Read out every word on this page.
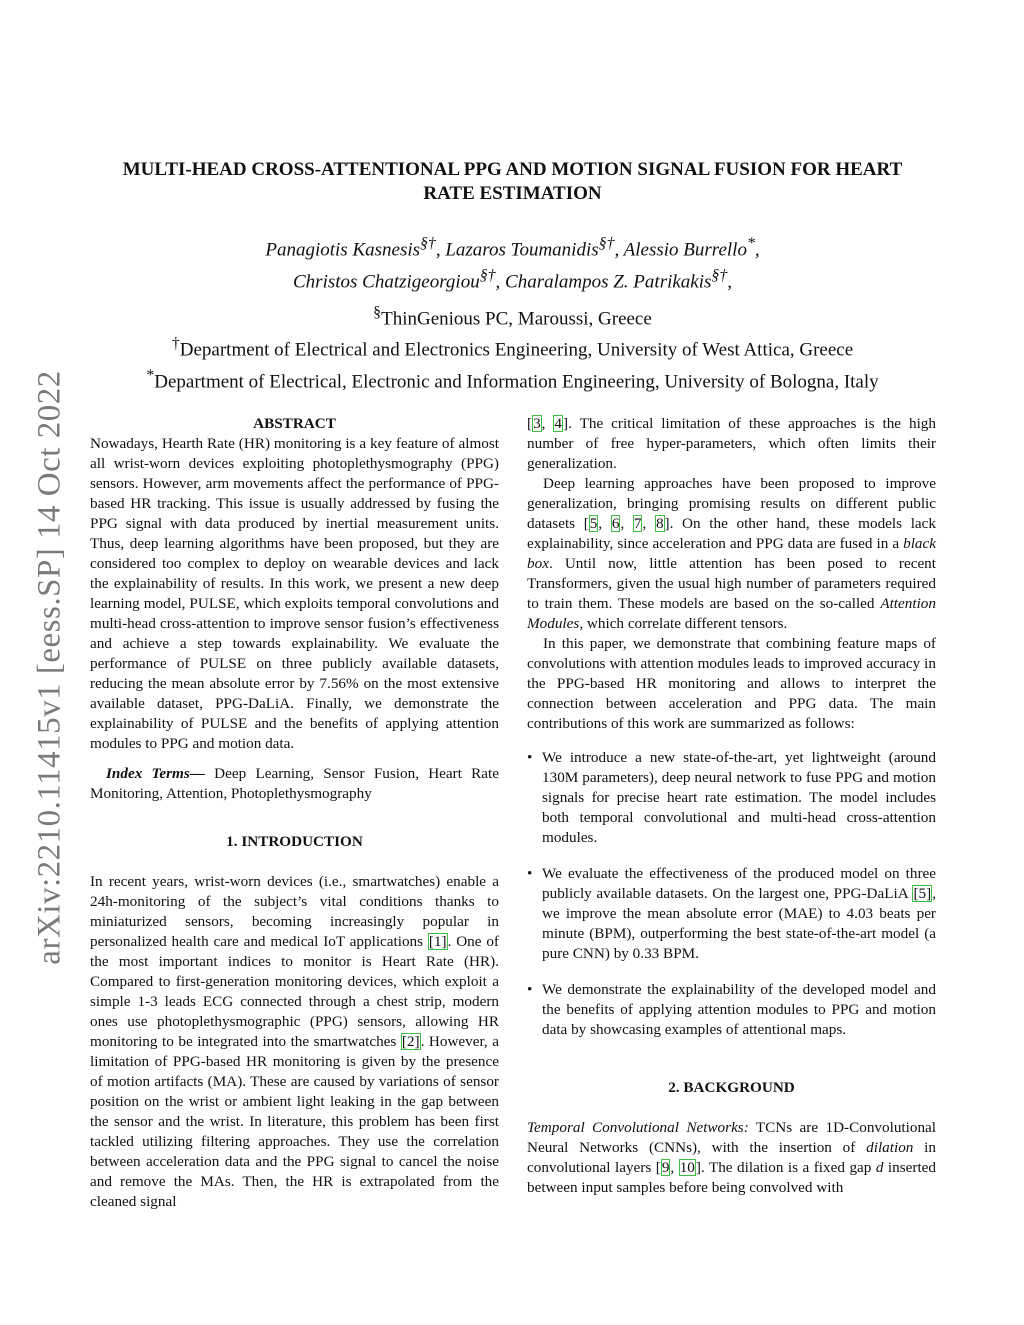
arXiv:2210.11415v1 [eess.SP] 14 Oct 2022
MULTI-HEAD CROSS-ATTENTIONAL PPG AND MOTION SIGNAL FUSION FOR HEART
RATE ESTIMATION
Panagiotis Kasnesis§†, Lazaros Toumanidis§†, Alessio Burrello*,
Christos Chatzigeorgiou§†, Charalampos Z. Patrikakis§†,
§ThinGenious PC, Maroussi, Greece
†Department of Electrical and Electronics Engineering, University of West Attica, Greece
*Department of Electrical, Electronic and Information Engineering, University of Bologna, Italy
ABSTRACT

Nowadays, Hearth Rate (HR) monitoring is a key feature of almost all wrist-worn devices exploiting photoplethysmography (PPG) sensors. However, arm movements affect the performance of PPG-based HR tracking. This issue is usually addressed by fusing the PPG signal with data produced by inertial measurement units. Thus, deep learning algorithms have been proposed, but they are considered too complex to deploy on wearable devices and lack the explainability of results. In this work, we present a new deep learning model, PULSE, which exploits temporal convolutions and multi-head cross-attention to improve sensor fusion’s effectiveness and achieve a step towards explainability. We evaluate the performance of PULSE on three publicly available datasets, reducing the mean absolute error by 7.56% on the most extensive available dataset, PPG-DaLiA. Finally, we demonstrate the explainability of PULSE and the benefits of applying attention modules to PPG and motion data.

Index Terms— Deep Learning, Sensor Fusion, Heart Rate Monitoring, Attention, Photoplethysmography

1. INTRODUCTION

In recent years, wrist-worn devices (i.e., smartwatches) enable a 24h-monitoring of the subject’s vital conditions thanks to miniaturized sensors, becoming increasingly popular in personalized health care and medical IoT applications [1]. One of the most important indices to monitor is Heart Rate (HR). Compared to first-generation monitoring devices, which exploit a simple 1-3 leads ECG connected through a chest strip, modern ones use photoplethysmographic (PPG) sensors, allowing HR monitoring to be integrated into the smartwatches [2]. However, a limitation of PPG-based HR monitoring is given by the presence of motion artifacts (MA). These are caused by variations of sensor position on the wrist or ambient light leaking in the gap between the sensor and the wrist. In literature, this problem has been first tackled utilizing filtering approaches. They use the correlation between acceleration data and the PPG signal to cancel the noise and remove the MAs. Then, the HR is extrapolated from the cleaned signal

[3, 4]. The critical limitation of these approaches is the high number of free hyper-parameters, which often limits their generalization.

Deep learning approaches have been proposed to improve generalization, bringing promising results on different public datasets [5, 6, 7, 8]. On the other hand, these models lack explainability, since acceleration and PPG data are fused in a black box. Until now, little attention has been posed to recent Transformers, given the usual high number of parameters required to train them. These models are based on the so-called Attention Modules, which correlate different tensors.

In this paper, we demonstrate that combining feature maps of convolutions with attention modules leads to improved accuracy in the PPG-based HR monitoring and allows to interpret the connection between acceleration and PPG data. The main contributions of this work are summarized as follows:

• We introduce a new state-of-the-art, yet lightweight (around 130M parameters), deep neural network to fuse PPG and motion signals for precise heart rate estimation. The model includes both temporal convolutional and multi-head cross-attention modules.
• We evaluate the effectiveness of the produced model on three publicly available datasets. On the largest one, PPG-DaLiA [5], we improve the mean absolute error (MAE) to 4.03 beats per minute (BPM), outperforming the best state-of-the-art model (a pure CNN) by 0.33 BPM.
• We demonstrate the explainability of the developed model and the benefits of applying attention modules to PPG and motion data by showcasing examples of attentional maps.
2. BACKGROUND

Temporal Convolutional Networks: TCNs are 1D-Convolutional Neural Networks (CNNs), with the insertion of dilation in convolutional layers [9, 10]. The dilation is a fixed gap d inserted between input samples before being convolved with
